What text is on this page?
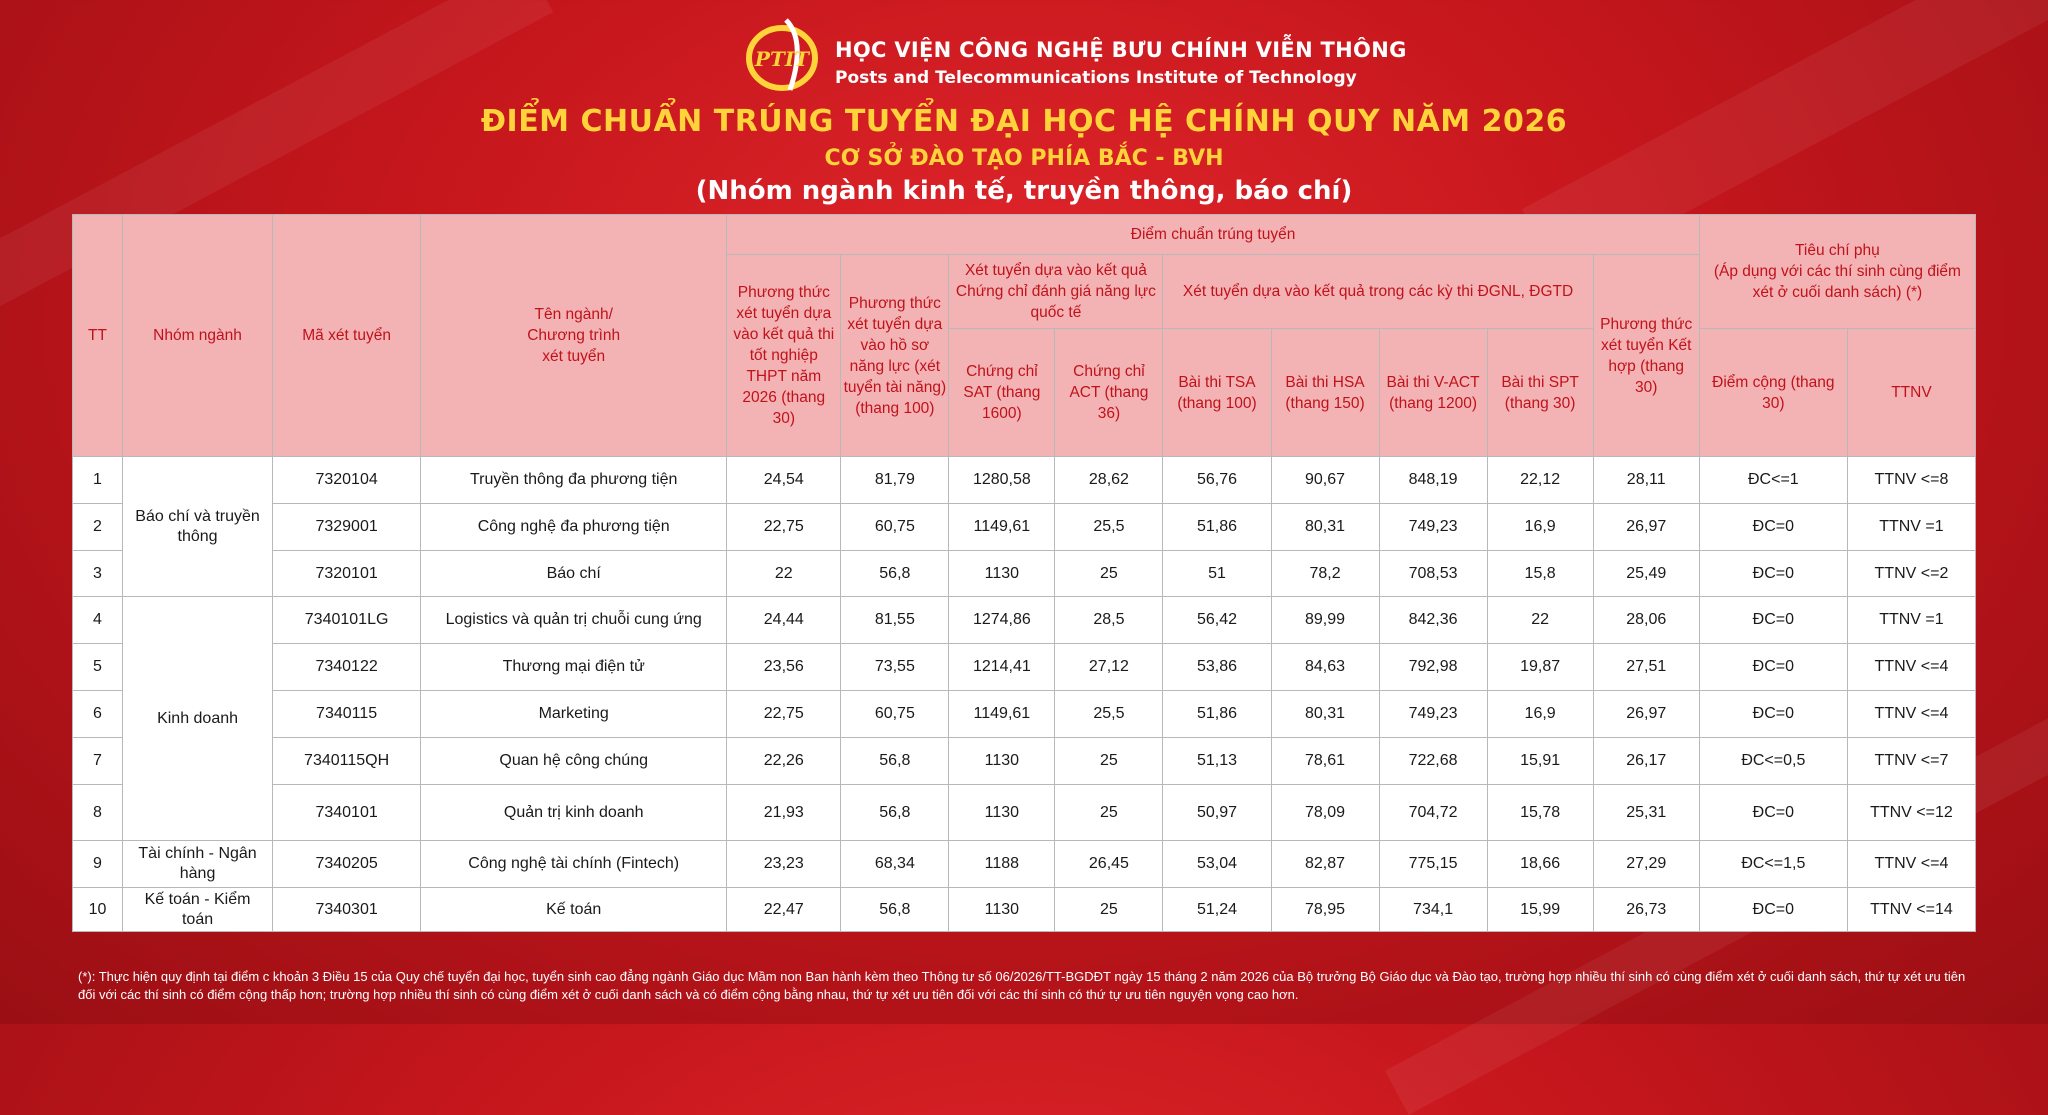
PTIT HỌC VIỆN CÔNG NGHỆ BƯU CHÍNH VIỄN THÔNG
Posts and Telecommunications Institute of Technology
ĐIỂM CHUẨN TRÚNG TUYỂN ĐẠI HỌC HỆ CHÍNH QUY NĂM 2026
CƠ SỞ ĐÀO TẠO PHÍA BẮC - BVH
(Nhóm ngành kinh tế, truyền thông, báo chí)
TT	Nhóm ngành	Mã xét tuyển	Tên ngành/
Chương trình
xét tuyển	Điểm chuẩn trúng tuyển									Tiêu chí phụ
(Áp dụng với các thí sinh cùng điểm xét ở cuối danh sách) (*)	
				Phương thức xét tuyển dựa vào kết quả thi tốt nghiệp THPT năm 2026 (thang 30)	Phương thức xét tuyển dựa vào hồ sơ năng lực (xét tuyển tài năng) (thang 100)	Xét tuyển dựa vào kết quả Chứng chỉ đánh giá năng lực quốc tế		Xét tuyển dựa vào kết quả trong các kỳ thi ĐGNL, ĐGTD				Phương thức xét tuyển Kết hợp (thang 30)		
						Chứng chỉ SAT (thang 1600)	Chứng chỉ ACT (thang 36)	Bài thi TSA (thang 100)	Bài thi HSA (thang 150)	Bài thi V-ACT (thang 1200)	Bài thi SPT (thang 30)		Điểm cộng (thang 30)	TTNV
1	Báo chí và truyền thông	7320104	Truyền thông đa phương tiện	24,54	81,79	1280,58	28,62	56,76	90,67	848,19	22,12	28,11	ĐC<=1	TTNV <=8
2		7329001	Công nghệ đa phương tiện	22,75	60,75	1149,61	25,5	51,86	80,31	749,23	16,9	26,97	ĐC=0	TTNV =1
3		7320101	Báo chí	22	56,8	1130	25	51	78,2	708,53	15,8	25,49	ĐC=0	TTNV <=2
4	Kinh doanh	7340101LG	Logistics và quản trị chuỗi cung ứng	24,44	81,55	1274,86	28,5	56,42	89,99	842,36	22	28,06	ĐC=0	TTNV =1
5		7340122	Thương mại điện tử	23,56	73,55	1214,41	27,12	53,86	84,63	792,98	19,87	27,51	ĐC=0	TTNV <=4
6		7340115	Marketing	22,75	60,75	1149,61	25,5	51,86	80,31	749,23	16,9	26,97	ĐC=0	TTNV <=4
7		7340115QH	Quan hệ công chúng	22,26	56,8	1130	25	51,13	78,61	722,68	15,91	26,17	ĐC<=0,5	TTNV <=7
8		7340101	Quản trị kinh doanh	21,93	56,8	1130	25	50,97	78,09	704,72	15,78	25,31	ĐC=0	TTNV <=12
9	Tài chính - Ngân hàng	7340205	Công nghệ tài chính (Fintech)	23,23	68,34	1188	26,45	53,04	82,87	775,15	18,66	27,29	ĐC<=1,5	TTNV <=4
10	Kế toán - Kiểm toán	7340301	Kế toán	22,47	56,8	1130	25	51,24	78,95	734,1	15,99	26,73	ĐC=0	TTNV <=14
(*): Thực hiện quy định tại điểm c khoản 3 Điều 15 của Quy chế tuyển đại học, tuyển sinh cao đẳng ngành Giáo dục Mầm non Ban hành kèm theo Thông tư số 06/2026/TT-BGDĐT ngày 15 tháng 2 năm 2026 của Bộ trưởng Bộ Giáo dục và Đào tạo, trường hợp nhiều thí sinh có cùng điểm xét ở cuối danh sách, thứ tự xét ưu tiên đối với các thí sinh có điểm cộng thấp hơn; trường hợp nhiều thí sinh có cùng điểm xét ở cuối danh sách và có điểm cộng bằng nhau, thứ tự xét ưu tiên đối với các thí sinh có thứ tự ưu tiên nguyện vọng cao hơn.
